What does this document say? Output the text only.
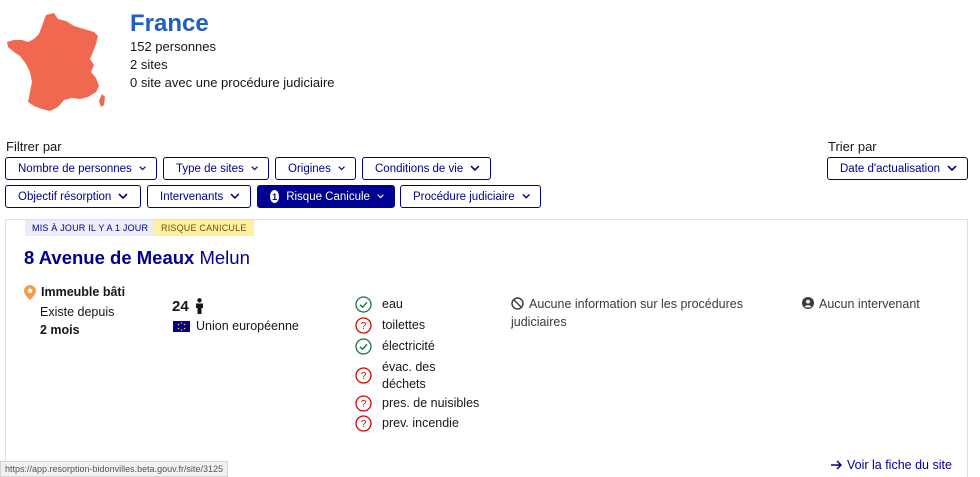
France
152 personnes
2 sites
0 site avec une procédure judiciaire
Filtrer par
Nombre de personnes	Type de sites	Origines	Conditions de vie
Objectif résorption	Intervenants	1 Risque Canicule	Procédure judiciaire
Trier par
Date d'actualisation
MIS À JOUR IL Y A 1 JOUR	RISQUE CANICULE
8 Avenue de Meaux Melun
Immeuble bâti
Existe depuis
2 mois
24
Union européenne
eau
? toilettes
électricité
?
évac. des déchets
? pres. de nuisibles
? prev. incendie
Aucune information sur les procédures judiciaires
Aucun intervenant
Voir la fiche du site
https://app.resorption-bidonvilles.beta.gouv.fr/site/3125
